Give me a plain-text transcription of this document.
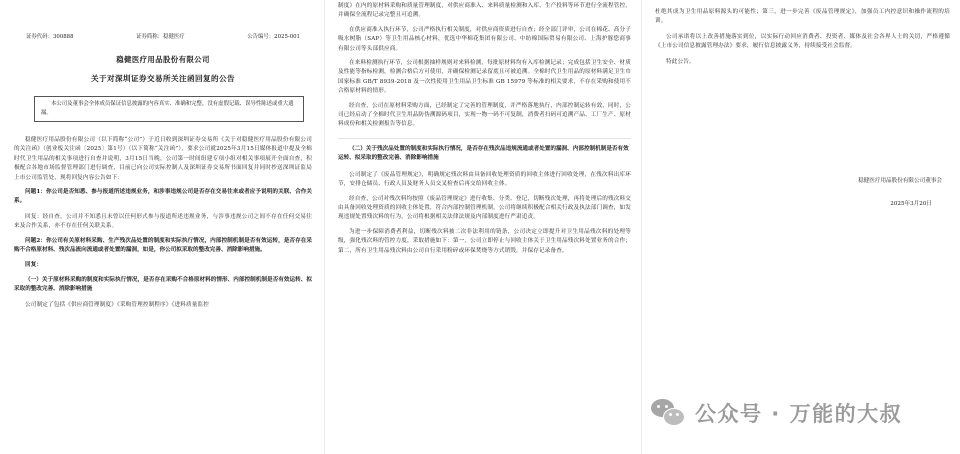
证券代码：300888	证券简称：稳健医疗	公告编号：2025-001
稳健医疗用品股份有限公司
关于对深圳证券交易所关注函回复的公告
本公司及董事会全体成员保证信息披露的内容真实、准确和完整，没有虚假记载、误导性陈述或重大遗漏。

稳健医疗用品股份有限公司（以下简称“公司”）于近日收到深圳证券交易所《关于对稳健医疗用品股份有限公司的关注函》（创业板关注函〔2025〕第1号）（以下简称“关注函”），要求公司就2025年3月15日媒体报道中提及全棉时代卫生用品的相关事项进行自查并说明，3月15日当晚，公司第一时间组建专项小组对相关事项展开全面自查，积极配合各地市场监督管理部门进行调查，目前已向公司实际控制人及深圳证券交易所书面回复并同时抄送深圳证监局上市公司监管处，现将回复内容公告如下：

问题1：你公司是否知悉、参与报道所述违规业务，和涉事违规公司是否存在交易往来或者应予说明的关联、合作关系。

回复：经自查，公司并不知悉且未曾以任何形式参与报道所述违规业务，与涉事违规公司之间不存在任何交易往来及合作关系，亦不存在任何关联关系。

问题2：你公司有关原材料采购、生产残次品处置的制度和实际执行情况，内部控制机制是否有效运转，是否存在采购不合格原材料、残次品流向流通或者处置的漏洞，如是，你公司拟采取的整改完善、消除影响措施。

回复：

（一）关于原材料采购的制度和实际执行情况，是否存在采购不合格原材料的情形、内部控制机制是否有效运转、拟采取的整改完善、消除影响措施

公司制定了包括《供应商管理制度》《采购管理控制程序》《进料质量监控

制度》在内的原材料采购和质量管理制度，对供应商准入、来料质量检测和入库、生产投料等环节进行全流程管控，并确保全流程记录完整且可追溯。

在供应商准入执行环节，公司严格执行相关制度，对供应商资质进行自查；经全部门评审，公司在棉花、高分子吸水树脂（SAP）等卫生用品核心材料，优选中华棉花集团有限公司、中纺棉国际贸易有限公司、上海护豚您商事有限公司等头部供应商。

在来料检测执行环节，公司根据抽样规则对来料检测，每批原材料均有入库检测记录；完成包括卫生安全、材质及性能等指标检测，检测合格后方可使用，并确保检测记录留底且可被追溯。全棉时代卫生用品的原材料满足卫生巾国家标准 GB/T 8939-2018 及一次性使用卫生用品卫生标准 GB 15979 等标准的相关要求，不存在采购和使用不合格原材料的情形。

经自查，公司在原材料采购方面，已经制定了完善的管理制度，并严格落地执行，内部控制运转有效，同时，公司已经启动了全棉时代卫生用品防伪溯源码项目，实现一物一码不可复制，消费者扫码可追溯产品、工厂生产、原材料成份和相关检测报告等信息。

（二）关于残次品处置的制度和实际执行情况，是否存在残次品违规流通或者处置的漏洞、内部控制机制是否有效运转、拟采取的整改完善、消除影响措施

公司制定了《废品管理规定》，明确规定残次料由具备回收处理资质的回收主体进行回收处理，在残次料出库环节，安排仓储员、行政人员及财务人员交叉检查后再交给回收主体。

经自查，公司对残次料均按照《废品管理规定》进行收集、分类、登记，切断残次处理，再将处理后的残次料交由具备回收处理资质的回收主体处置，符合内部控制管理机制。公司将继续积极配合相关行政及执法部门调查，如发现违规处置残次料的行为，公司将根据相关法律法规及内部制度进行严肃追责。

为进一步保障消费者利益，切断残次料被二次非法利用的链条，公司决定立即提升对卫生用品残次料的处理等级，强化残次料的管控力度，采取措施如下：第一，公司立即停止与回收主体关于卫生用品残次料处置业务的合作；第二，所有卫生用品残次料由公司自行采用粉碎或环保焚烧等方式销毁，并保存记录备查，

杜绝其成为卫生用品原料源头的可能性；第三，进一步完善《废品管理规定》，加强员工内控意识和操作流程的培训。

公司承诺将以上改善措施落实到位，以实际行动回应消费者、投资者、媒体及社会各界人士的关切，严格遵循《上市公司信息披露管理办法》要求，履行信息披露义务，持续接受社会监督。

特此公告。

稳健医疗用品股份有限公司董事会

2025年3月20日

公众号 · 万能的大叔
